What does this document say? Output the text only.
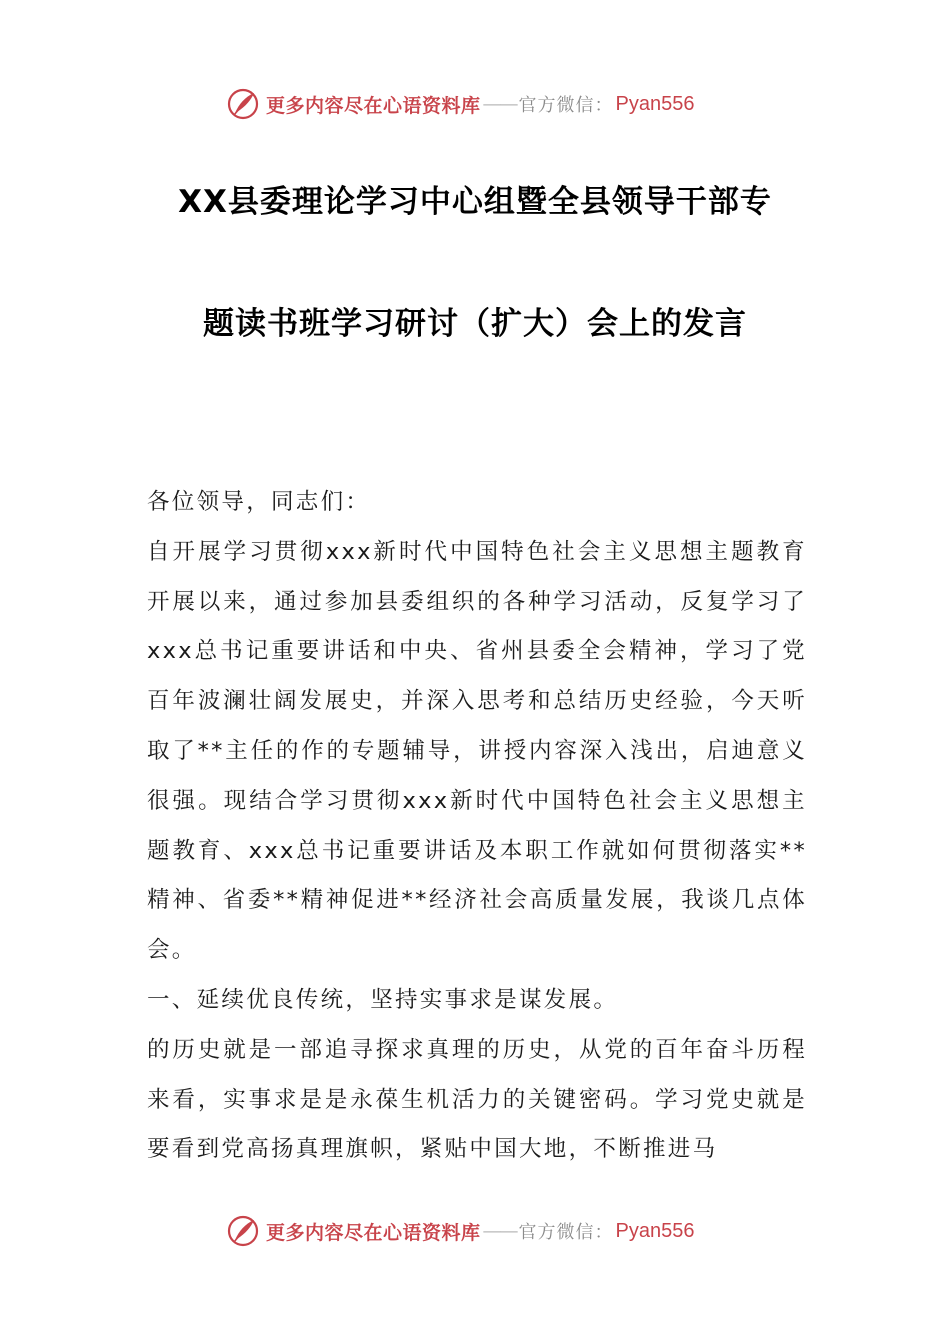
更多内容尽在心语资料库 —— 官方微信： Pyan556
XX县委理论学习中心组暨全县领导干部专
题读书班学习研讨（扩大）会上的发言

各位领导，同志们：

自开展学习贯彻xxx新时代中国特色社会主义思想主题教育开展以来，通过参加县委组织的各种学习活动，反复学习了xxx总书记重要讲话和中央、省州县委全会精神，学习了党百年波澜壮阔发展史，并深入思考和总结历史经验，今天听取了**主任的作的专题辅导，讲授内容深入浅出，启迪意义很强。现结合学习贯彻xxx新时代中国特色社会主义思想主题教育、xxx总书记重要讲话及本职工作就如何贯彻落实**精神、省委**精神促进**经济社会高质量发展，我谈几点体会。

一、延续优良传统，坚持实事求是谋发展。

的历史就是一部追寻探求真理的历史，从党的百年奋斗历程来看，实事求是是永葆生机活力的关键密码。学习党史就是要看到党高扬真理旗帜，紧贴中国大地，不断推进马

更多内容尽在心语资料库 —— 官方微信： Pyan556
